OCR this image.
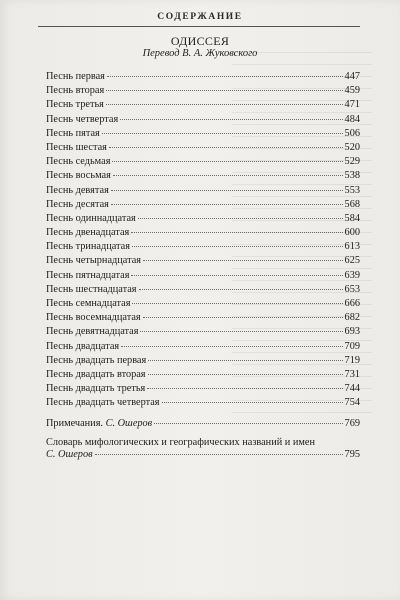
СОДЕРЖАНИЕ
ОДИССЕЯ
Перевод В. А. Жуковского
Песнь первая	447
Песнь вторая	459
Песнь третья	471
Песнь четвертая	484
Песнь пятая	506
Песнь шестая	520
Песнь седьмая	529
Песнь восьмая	538
Песнь девятая	553
Песнь десятая	568
Песнь одиннадцатая	584
Песнь двенадцатая	600
Песнь тринадцатая	613
Песнь четырнадцатая	625
Песнь пятнадцатая	639
Песнь шестнадцатая	653
Песнь семнадцатая	666
Песнь восемнадцатая	682
Песнь девятнадцатая	693
Песнь двадцатая	709
Песнь двадцать первая	719
Песнь двадцать вторая	731
Песнь двадцать третья	744
Песнь двадцать четвертая	754
Примечания. С. Ошеров	769
Словарь мифологических и географических названий и имен
С. Ошеров	795
